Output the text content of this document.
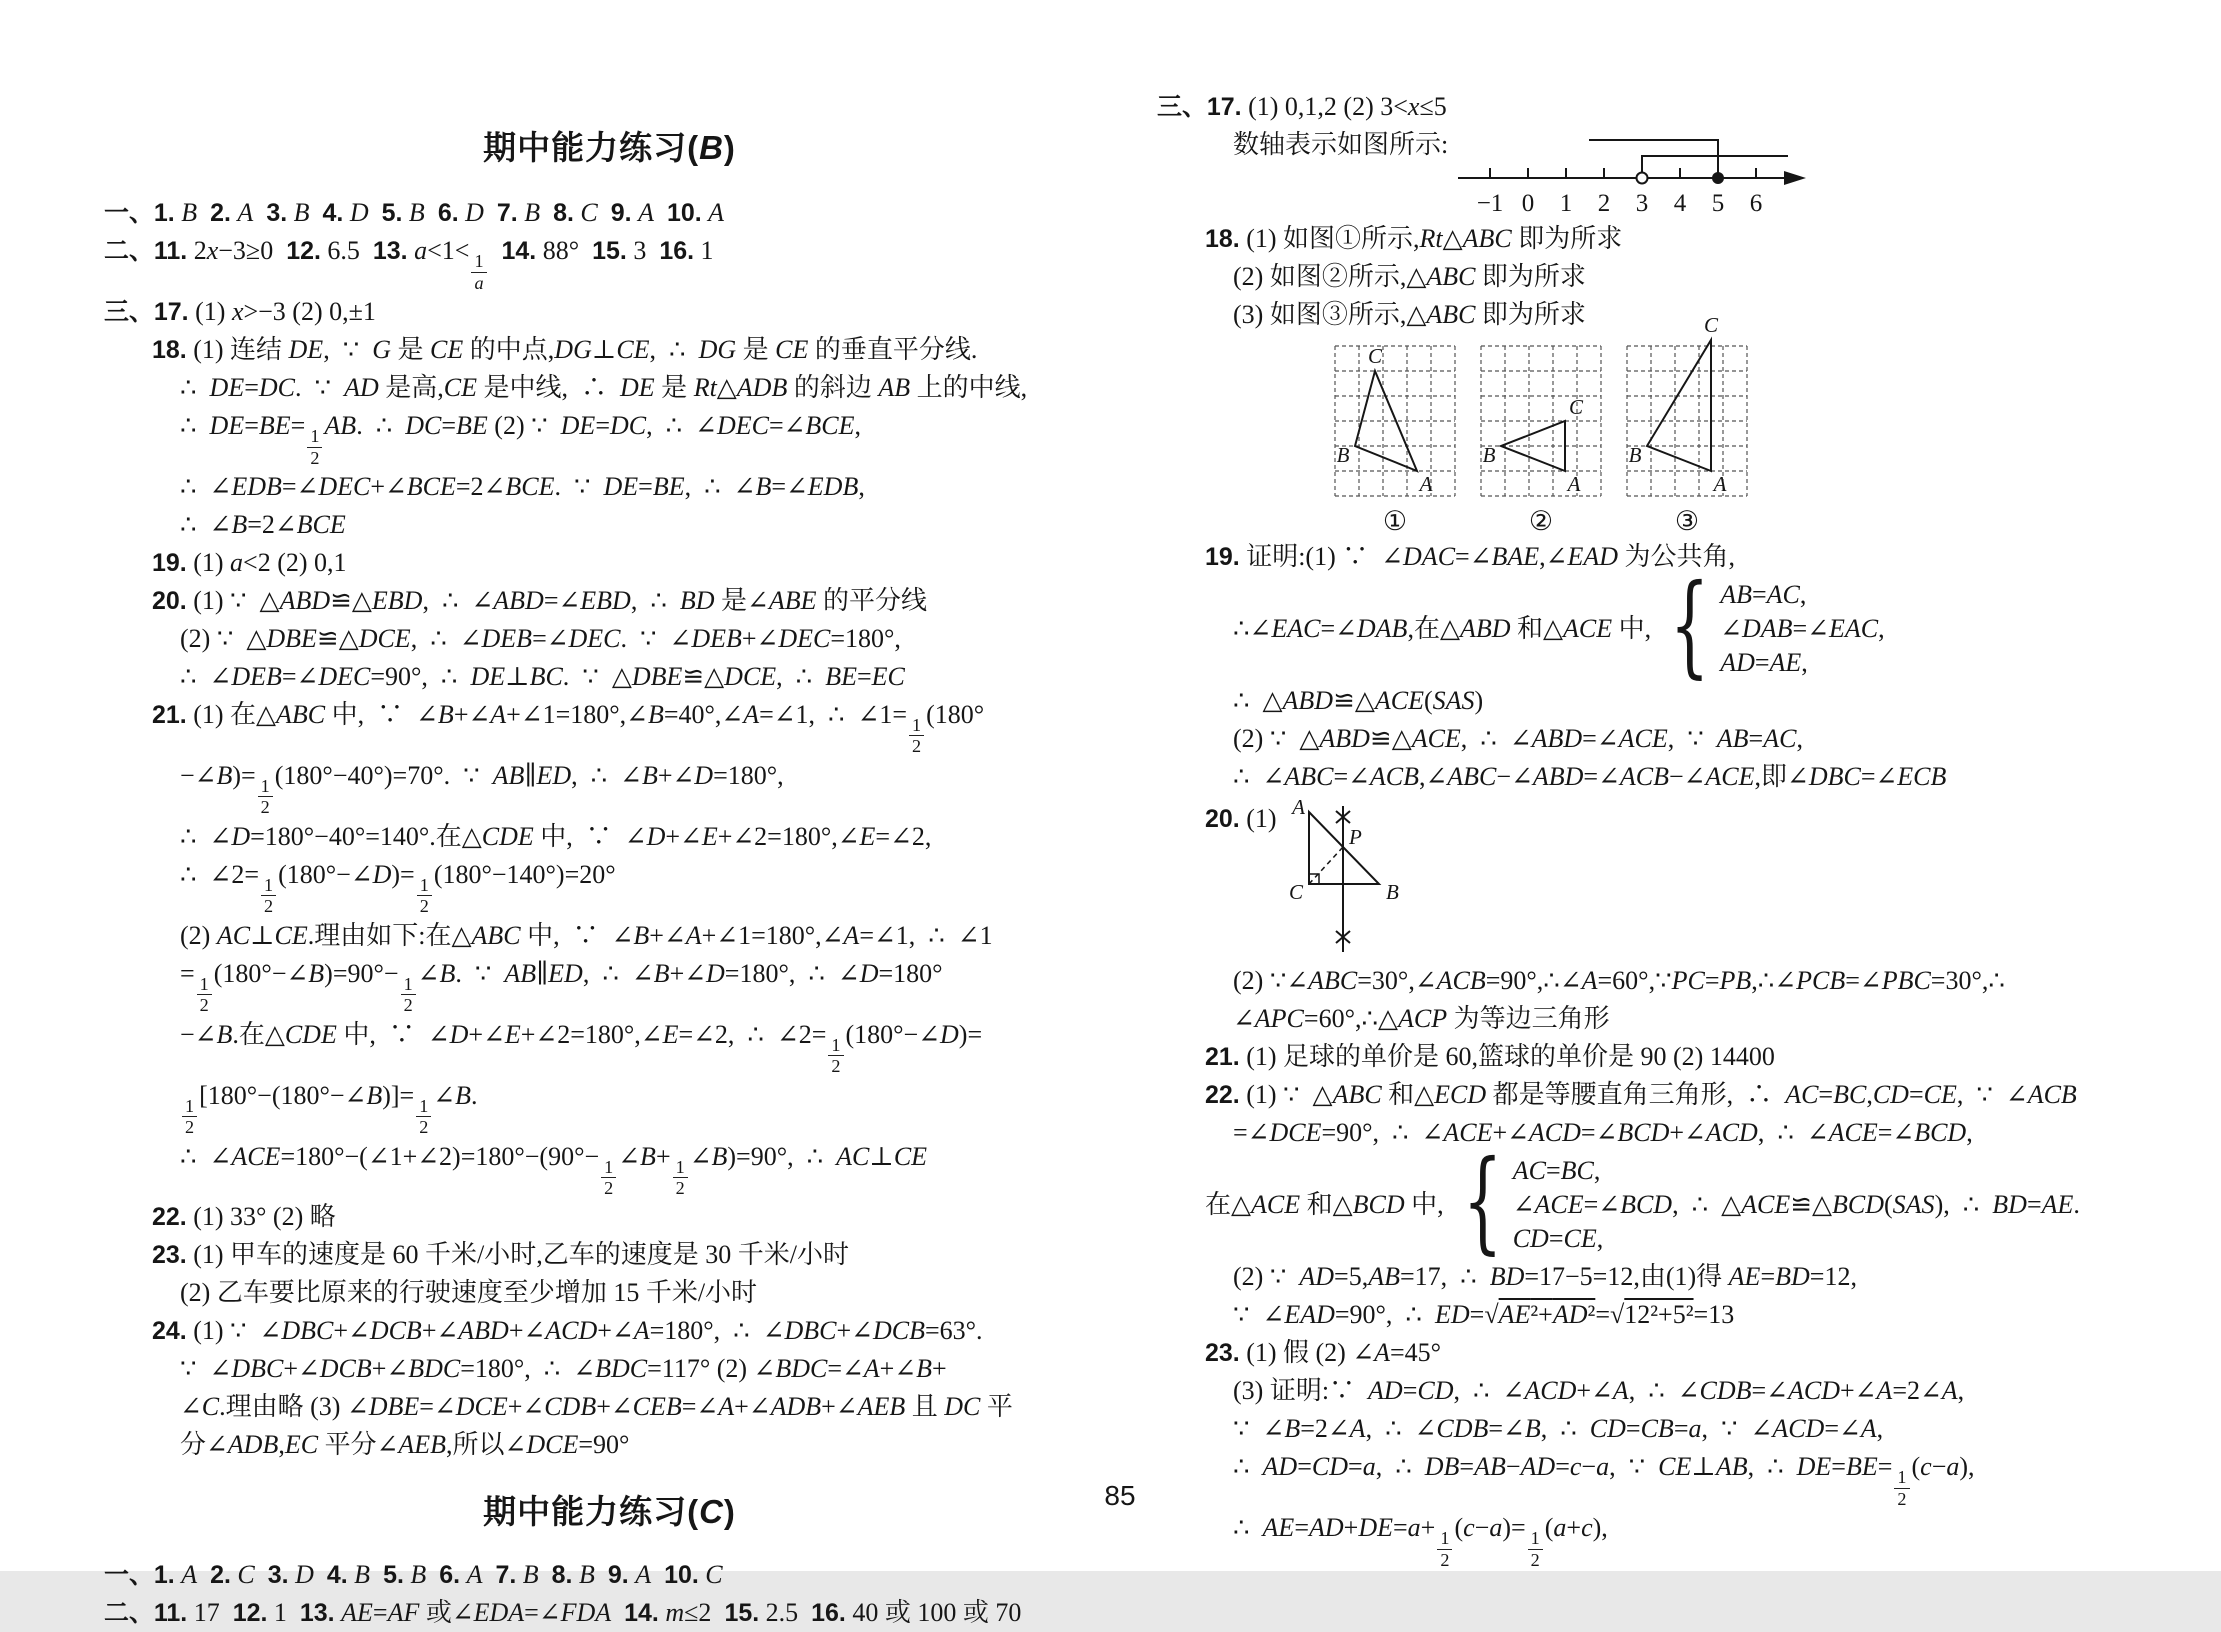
期中能力练习(B)
一、1. B 2. A 3. B 4. D 5. B 6. D 7. B 8. C 9. A 10. A
二、11. 2x−3≥0  12. 6.5  13. a<1<
$\frac{1}{a}$
14. 88°  15. 3  16. 1
三、17. (1) x>−3 (2) 0,±1
18. (1) 连结 DE,  ∵  G 是 CE 的中点,DG⊥CE,  ∴  DG 是 CE 的垂直平分线.
∴  DE=DC.  ∵  AD 是高,CE 是中线,  ∴  DE 是 Rt△ADB 的斜边 AB 上的中线,
∴  DE=BE=
$\frac{1}{2}$
AB.  ∴  DC=BE (2) ∵  DE=DC,  ∴  ∠DEC=∠BCE,
∴  ∠EDB=∠DEC+∠BCE=2∠BCE.  ∵  DE=BE,  ∴  ∠B=∠EDB,
∴  ∠B=2∠BCE
19. (1) a<2 (2) 0,1
20. (1) ∵  △ABD≌△EBD,  ∴  ∠ABD=∠EBD,  ∴  BD 是∠ABE 的平分线
(2) ∵  △DBE≌△DCE,  ∴  ∠DEB=∠DEC.  ∵  ∠DEB+∠DEC=180°,
∴  ∠DEB=∠DEC=90°,  ∴  DE⊥BC.  ∵  △DBE≌△DCE,  ∴  BE=EC
21. (1) 在△ABC 中,  ∵  ∠B+∠A+∠1=180°,∠B=40°,∠A=∠1,  ∴  ∠1=
$\frac{1}{2}$
(180°
−∠B)=
$\frac{1}{2}$
(180°−40°)=70°.  ∵  AB∥ED,  ∴  ∠B+∠D=180°,
∴  ∠D=180°−40°=140°.在△CDE 中,  ∵  ∠D+∠E+∠2=180°,∠E=∠2,
∴  ∠2=
$\frac{1}{2}$
(180°−∠D)=
$\frac{1}{2}$
(180°−140°)=20°
(2) AC⊥CE.理由如下:在△ABC 中,  ∵  ∠B+∠A+∠1=180°,∠A=∠1,  ∴  ∠1
=
$\frac{1}{2}$
(180°−∠B)=90°−
$\frac{1}{2}$
∠B.  ∵  AB∥ED,  ∴  ∠B+∠D=180°,  ∴  ∠D=180°
−∠B.在△CDE 中,  ∵  ∠D+∠E+∠2=180°,∠E=∠2,  ∴  ∠2=
$\frac{1}{2}$
(180°−∠D)=
$\frac{1}{2}$
[180°−(180°−∠B)]=
$\frac{1}{2}$
∠B.
∴  ∠ACE=180°−(∠1+∠2)=180°−(90°−
$\frac{1}{2}$
∠B+
$\frac{1}{2}$
∠B)=90°,  ∴  AC⊥CE
22. (1) 33° (2) 略
23. (1) 甲车的速度是 60 千米/小时,乙车的速度是 30 千米/小时
(2) 乙车要比原来的行驶速度至少增加 15 千米/小时
24. (1) ∵  ∠DBC+∠DCB+∠ABD+∠ACD+∠A=180°,  ∴  ∠DBC+∠DCB=63°.
∵  ∠DBC+∠DCB+∠BDC=180°,  ∴  ∠BDC=117° (2) ∠BDC=∠A+∠B+
∠C.理由略 (3) ∠DBE=∠DCE+∠CDB+∠CEB=∠A+∠ADB+∠AEB 且 DC 平
分∠ADB,EC 平分∠AEB,所以∠DCE=90°
期中能力练习(C)
一、1. A 2. C 3. D 4. B 5. B 6. A 7. B 8. B 9. A 10. C
二、11. 17  12. 1  13. AE=AF 或∠EDA=∠FDA 14. m≤2  15. 2.5  16. 40 或 100 或 70
三、17. (1) 0,1,2 (2) 3<x≤5
数轴表示如图所示:
−1 0 1 2 3 4 5 6
18. (1) 如图①所示,Rt△ABC 即为所求
(2) 如图②所示,△ABC 即为所求
(3) 如图③所示,△ABC 即为所求
C
B
A
①
C
B
A
②
C
B
A
③
19. 证明:(1) ∵  ∠DAC=∠BAE,∠EAD 为公共角,
∴∠EAC=∠DAB,在△ABD 和△ACE 中, { AB=AC,
∠DAB=∠EAC,
AD=AE,
∴  △ABD≌△ACE(SAS)
(2) ∵  △ABD≌△ACE,  ∴  ∠ABD=∠ACE,  ∵  AB=AC,
∴  ∠ABC=∠ACB,∠ABC−∠ABD=∠ACB−∠ACE,即∠DBC=∠ECB
20. (1) A
C	B
P
(2) ∵∠ABC=30°,∠ACB=90°,∴∠A=60°,∵PC=PB,∴∠PCB=∠PBC=30°,∴
∠APC=60°,∴△ACP 为等边三角形
21. (1) 足球的单价是 60,篮球的单价是 90 (2) 14400
22. (1) ∵  △ABC 和△ECD 都是等腰直角三角形,  ∴  AC=BC,CD=CE,  ∵  ∠ACB
=∠DCE=90°,  ∴  ∠ACE+∠ACD=∠BCD+∠ACD,  ∴  ∠ACE=∠BCD,
在△ACE 和△BCD 中, { AC=BC,
∠ACE=∠BCD,
CD=CE,
∴  △ACE≌△BCD(SAS),  ∴  BD=AE.
(2) ∵  AD=5,AB=17,  ∴  BD=17−5=12,由(1)得 AE=BD=12,
∵  ∠EAD=90°,  ∴  ED=√AE²+AD²=√12²+5²=13
23. (1) 假 (2) ∠A=45°
(3) 证明:∵  AD=CD,  ∴  ∠ACD+∠A,  ∴  ∠CDB=∠ACD+∠A=2∠A,
∵  ∠B=2∠A,  ∴  ∠CDB=∠B,  ∴  CD=CB=a,  ∵  ∠ACD=∠A,
∴  AD=CD=a,  ∴  DB=AB−AD=c−a,  ∵  CE⊥AB,  ∴  DE=BE=
$\frac{1}{2}$
(c−a),
∴  AE=AD+DE=a+
$\frac{1}{2}$
(c−a)=
$\frac{1}{2}$
(a+c),
85
